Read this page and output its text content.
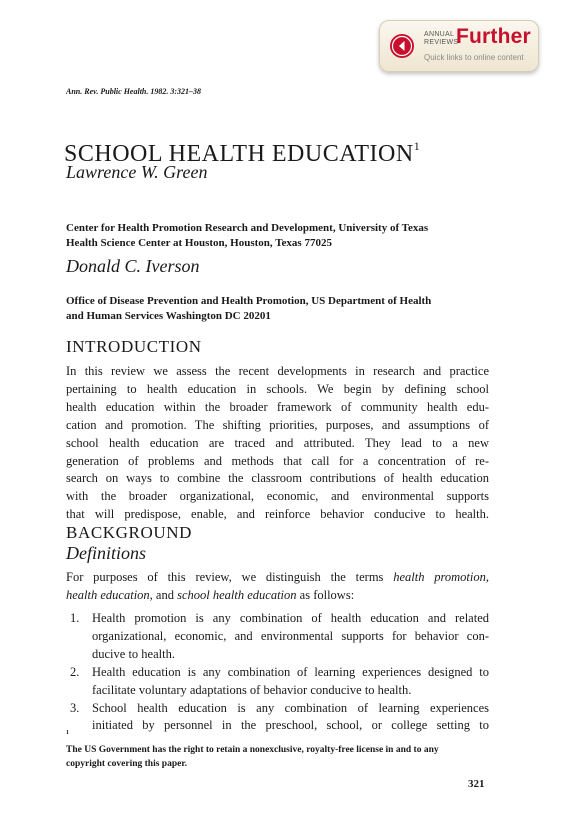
ANNUAL
REVIEWS
Further
Quick links to online content
Ann. Rev. Public Health. 1982. 3:321–38
SCHOOL HEALTH EDUCATION$^1$
Lawrence W. Green
Center for Health Promotion Research and Development, University of Texas
Health Science Center at Houston, Houston, Texas 77025
Donald C. Iverson
Office of Disease Prevention and Health Promotion, US Department of Health
and Human Services Washington DC 20201
INTRODUCTION
In this review we assess the recent developments in research and practice
pertaining to health education in schools. We begin by defining school
health education within the broader framework of community health edu-
cation and promotion. The shifting priorities, purposes, and assumptions of
school health education are traced and attributed. They lead to a new
generation of problems and methods that call for a concentration of re-
search on ways to combine the classroom contributions of health education
with the broader organizational, economic, and environmental supports
that will predispose, enable, and reinforce behavior conducive to health.
BACKGROUND
Definitions
For purposes of this review, we distinguish the terms health promotion,
health education, and school health education as follows:
1. Health promotion is any combination of health education and related
organizational, economic, and environmental supports for behavior con-
ducive to health.
2. Health education is any combination of learning experiences designed to
facilitate voluntary adaptations of behavior conducive to health.
3. School health education is any combination of learning experiences
initiated by personnel in the preschool, school, or college setting to
$^1$
The US Government has the right to retain a nonexclusive, royalty-free license in and to any
copyright covering this paper.
321
